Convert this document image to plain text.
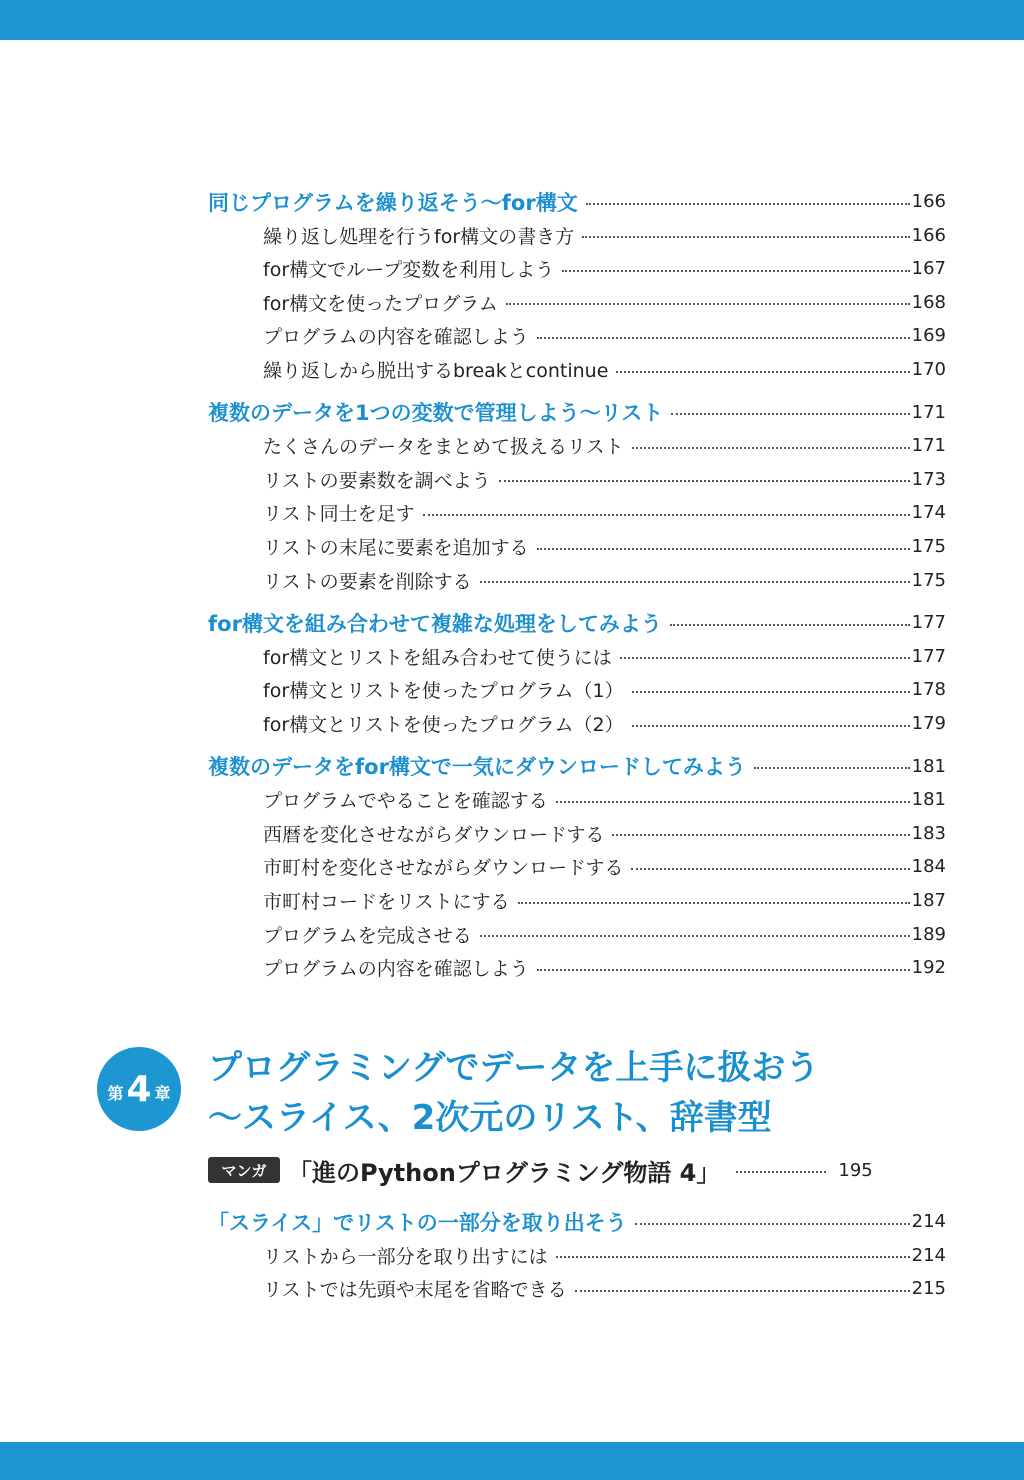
同じプログラムを繰り返そう〜for構文	166
繰り返し処理を行うfor構文の書き方	166
for構文でループ変数を利用しよう	167
for構文を使ったプログラム	168
プログラムの内容を確認しよう	169
繰り返しから脱出するbreakとcontinue	170
複数のデータを1つの変数で管理しよう〜リスト	171
たくさんのデータをまとめて扱えるリスト	171
リストの要素数を調べよう	173
リスト同士を足す	174
リストの末尾に要素を追加する	175
リストの要素を削除する	175
for構文を組み合わせて複雑な処理をしてみよう	177
for構文とリストを組み合わせて使うには	177
for構文とリストを使ったプログラム（1）	178
for構文とリストを使ったプログラム（2）	179
複数のデータをfor構文で一気にダウンロードしてみよう	181
プログラムでやることを確認する	181
西暦を変化させながらダウンロードする	183
市町村を変化させながらダウンロードする	184
市町村コードをリストにする	187
プログラムを完成させる	189
プログラムの内容を確認しよう	192
第 4 章
プログラミングでデータを上手に扱おう
〜スライス、2次元のリスト、辞書型
マンガ 「進のPythonプログラミング物語 4」	195
「スライス」でリストの一部分を取り出そう	214
リストから一部分を取り出すには	214
リストでは先頭や末尾を省略できる	215
